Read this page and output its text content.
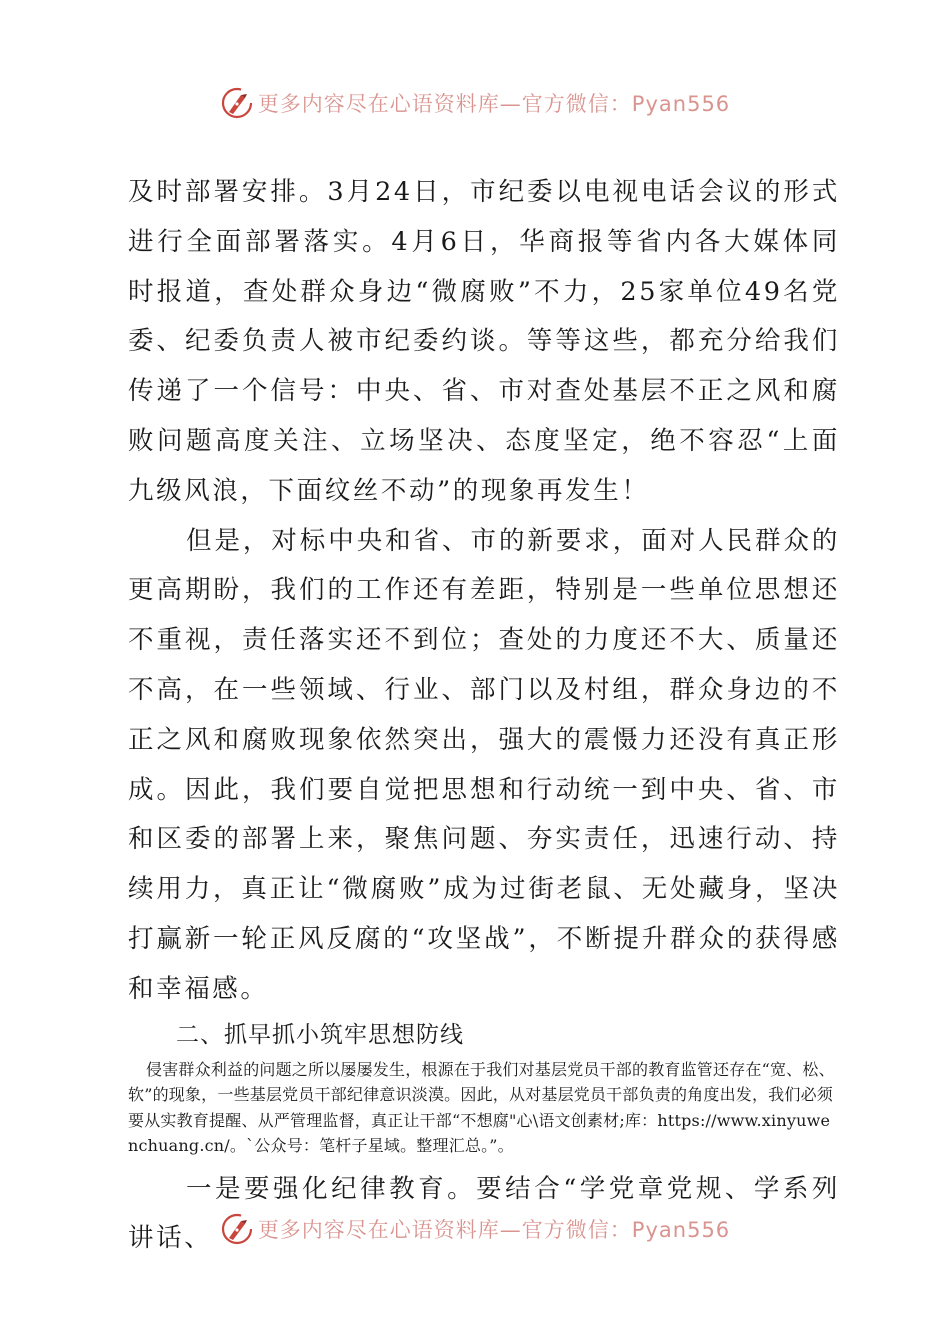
更多内容尽在心语资料库—官方微信：Pyan556

及时部署安排。3月24日，市纪委以电视电话会议的形式进行全面部署落实。4月6日，华商报等省内各大媒体同时报道，查处群众身边“微腐败”不力，25家单位49名党委、纪委负责人被市纪委约谈。等等这些，都充分给我们传递了一个信号：中央、省、市对查处基层不正之风和腐败问题高度关注、立场坚决、态度坚定，绝不容忍“上面九级风浪，下面纹丝不动”的现象再发生！

但是，对标中央和省、市的新要求，面对人民群众的更高期盼，我们的工作还有差距，特别是一些单位思想还不重视，责任落实还不到位；查处的力度还不大、质量还不高，在一些领域、行业、部门以及村组，群众身边的不正之风和腐败现象依然突出，强大的震慑力还没有真正形成。因此，我们要自觉把思想和行动统一到中央、省、市和区委的部署上来，聚焦问题、夯实责任，迅速行动、持续用力，真正让“微腐败”成为过街老鼠、无处藏身，坚决打赢新一轮正风反腐的“攻坚战”，不断提升群众的获得感和幸福感。

二、抓早抓小筑牢思想防线

侵害群众利益的问题之所以屡屡发生，根源在于我们对基层党员干部的教育监管还存在“宽、松、软”的现象，一些基层党员干部纪律意识淡漠。因此，从对基层党员干部负责的角度出发，我们必须要从实教育提醒、从严管理监督，真正让干部“不想腐"心\语文创素材;库：https://www.xinyuwenchuang.cn/。`公众号：笔杆子星域。整理汇总。”。

一是要强化纪律教育。要结合“学党章党规、学系列讲话、	更多内容尽在心语资料库—官方微信：Pyan556
